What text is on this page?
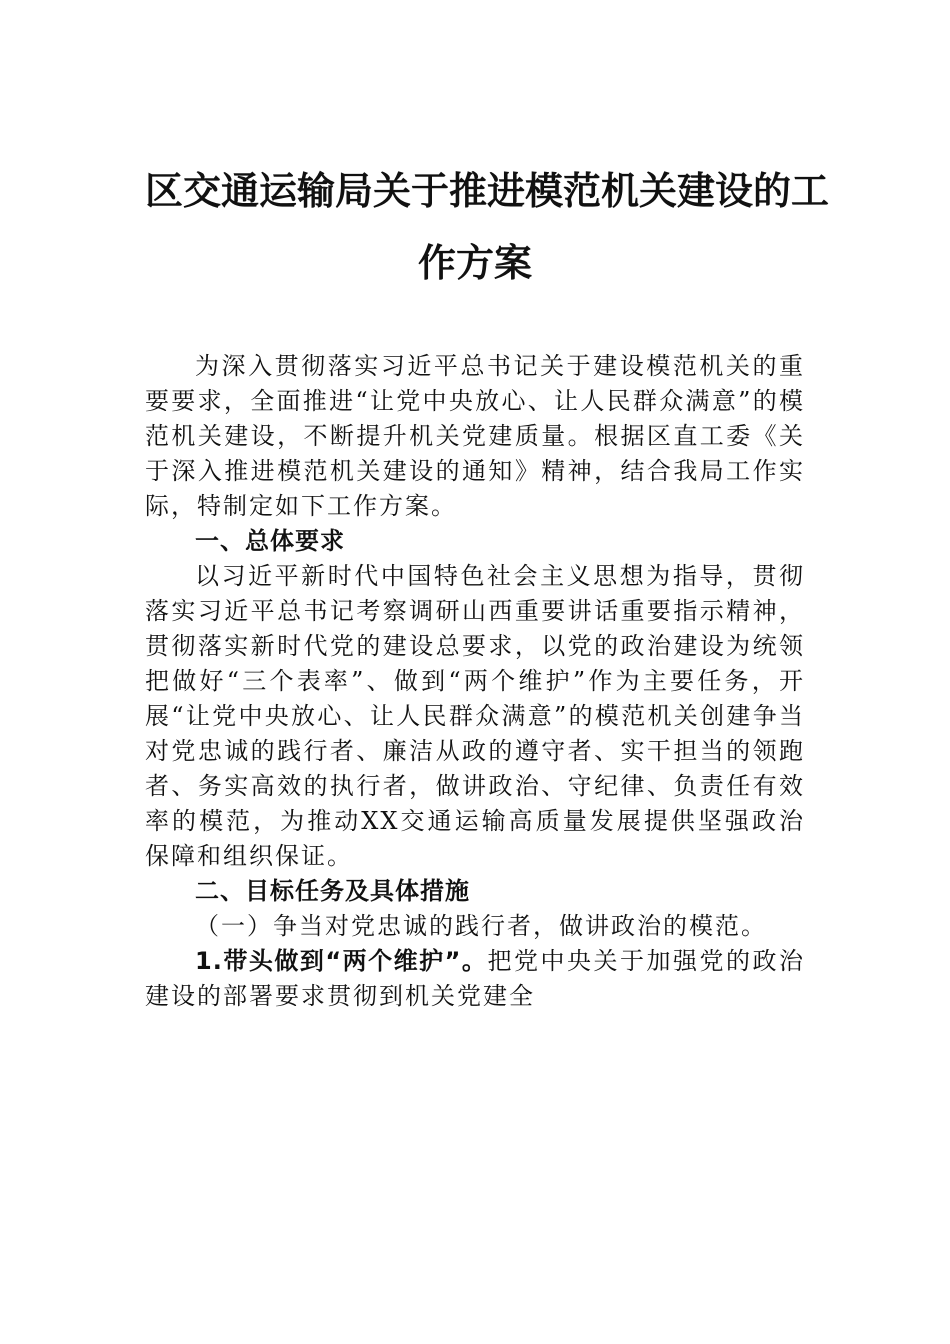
区交通运输局关于推进模范机关建设的工
作方案

为深入贯彻落实习近平总书记关于建设模范机关的重要要求，全面推进“让党中央放心、让人民群众满意”的模范机关建设，不断提升机关党建质量。根据区直工委《关于深入推进模范机关建设的通知》精神，结合我局工作实际，特制定如下工作方案。

一、总体要求

以习近平新时代中国特色社会主义思想为指导，贯彻落实习近平总书记考察调研山西重要讲话重要指示精神，贯彻落实新时代党的建设总要求，以党的政治建设为统领把做好“三个表率”、做到“两个维护”作为主要任务，开展“让党中央放心、让人民群众满意”的模范机关创建争当对党忠诚的践行者、廉洁从政的遵守者、实干担当的领跑者、务实高效的执行者，做讲政治、守纪律、负责任有效率的模范，为推动XX交通运输高质量发展提供坚强政治保障和组织保证。

二、目标任务及具体措施

（一）争当对党忠诚的践行者，做讲政治的模范。

1.带头做到“两个维护”。把党中央关于加强党的政治建设的部署要求贯彻到机关党建全
